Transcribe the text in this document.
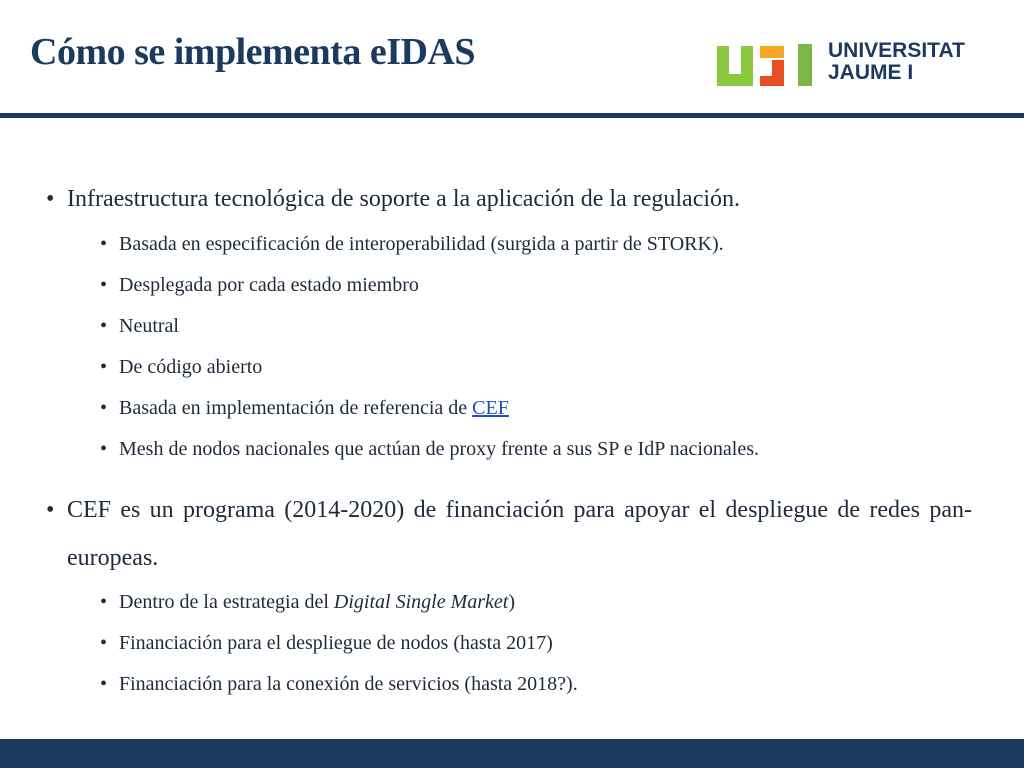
Cómo se implementa eIDAS	UNIVERSITAT
JAUME I
• Infraestructura tecnológica de soporte a la aplicación de la regulación.
• Basada en especificación de interoperabilidad (surgida a partir de STORK).
• Desplegada por cada estado miembro
• Neutral
• De código abierto
• Basada en implementación de referencia de CEF
• Mesh de nodos nacionales que actúan de proxy frente a sus SP e IdP nacionales.
• CEF es un programa (2014-2020) de financiación para apoyar el despliegue de redes pan-europeas.
• Dentro de la estrategia del Digital Single Market)
• Financiación para el despliegue de nodos (hasta 2017)
• Financiación para la conexión de servicios (hasta 2018?).
